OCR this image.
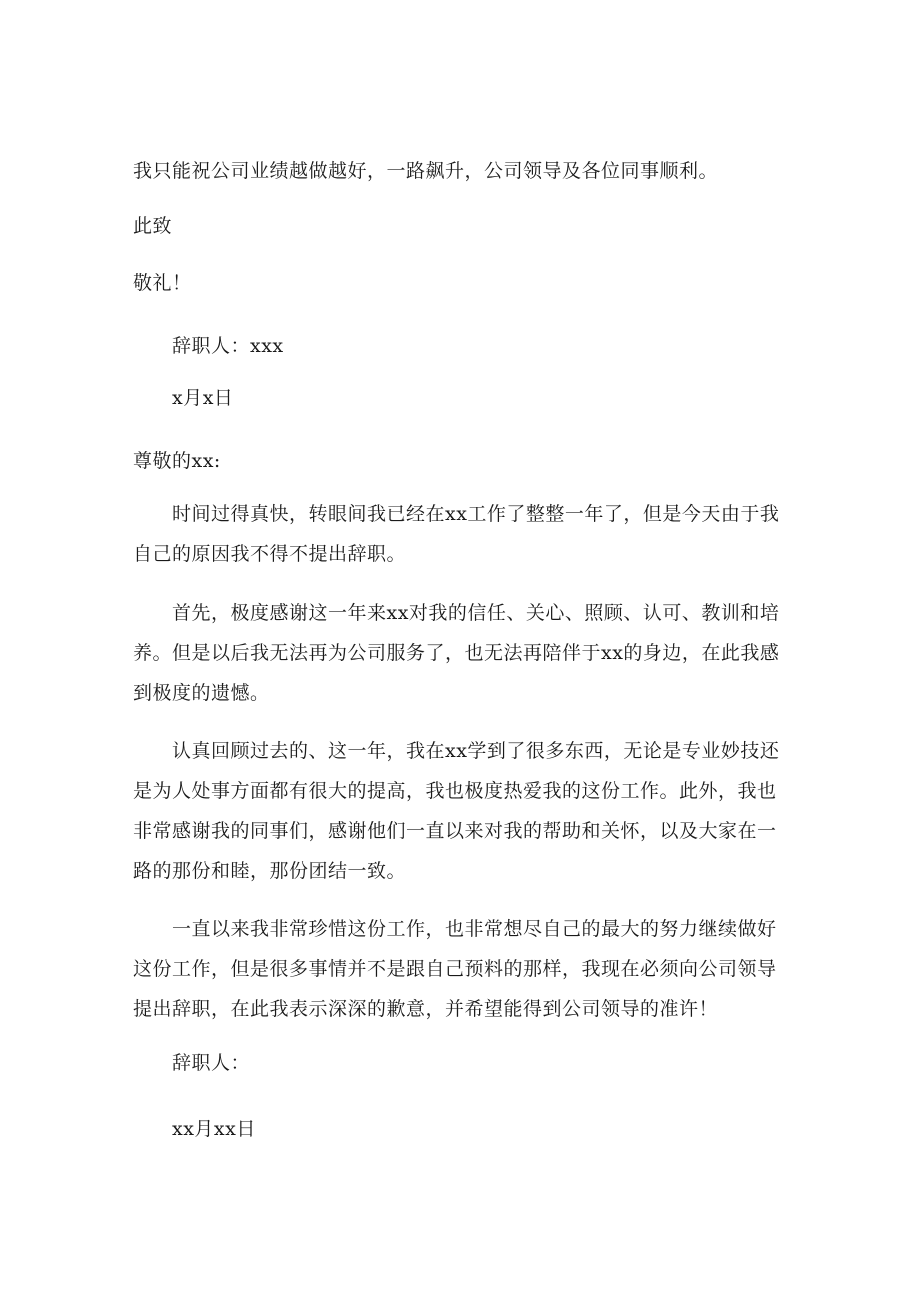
我只能祝公司业绩越做越好，一路飙升，公司领导及各位同事顺利。
此致
敬礼！
辞职人：xxx
x月x日
尊敬的xx:
时间过得真快，转眼间我已经在xx工作了整整一年了，但是今天由于我
自己的原因我不得不提出辞职。
首先，极度感谢这一年来xx对我的信任、关心、照顾、认可、教训和培
养。但是以后我无法再为公司服务了，也无法再陪伴于xx的身边，在此我感
到极度的遗憾。
认真回顾过去的、这一年，我在xx学到了很多东西，无论是专业妙技还
是为人处事方面都有很大的提高，我也极度热爱我的这份工作。此外，我也
非常感谢我的同事们，感谢他们一直以来对我的帮助和关怀，以及大家在一
路的那份和睦，那份团结一致。
一直以来我非常珍惜这份工作，也非常想尽自己的最大的努力继续做好
这份工作，但是很多事情并不是跟自己预料的那样，我现在必须向公司领导
提出辞职，在此我表示深深的歉意，并希望能得到公司领导的准许！
辞职人：
xx月xx日
